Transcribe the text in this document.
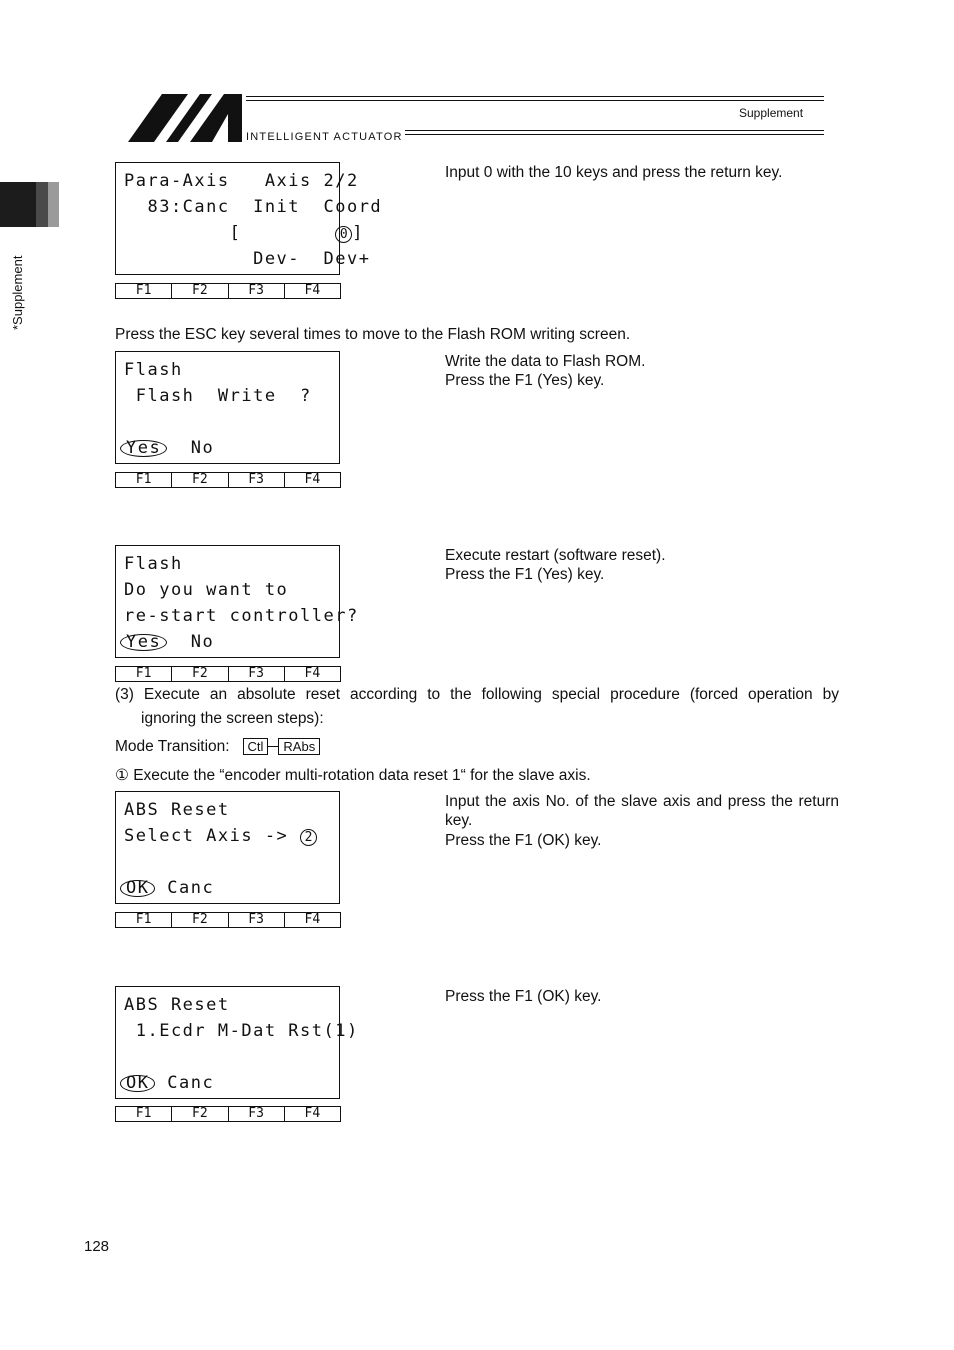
INTELLIGENT ACTUATOR
Supplement
*Supplement
Para-Axis   Axis 2/2
83:Canc  Init  Coord
[        0 ]
Dev-  Dev+
F1	F2	F3	F4
Input 0 with the 10 keys and press the return key.
Press the ESC key several times to move to the Flash ROM writing screen.
Flash
Flash  Write  ?
Yes No
F1	F2	F3	F4
Write the data to Flash ROM.
Press the F1 (Yes) key.
Flash
Do you want to
re-start controller?
Yes No
F1	F2	F3	F4
Execute restart (software reset).
Press the F1 (Yes) key.
(3) Execute an absolute reset according to the following special procedure (forced operation by
ignoring the screen steps):
Mode Transition: Ctl RAbs
① Execute the “encoder multi-rotation data reset 1“ for the slave axis.
ABS Reset
Select Axis -> 2
OK Canc
F1	F2	F3	F4
Input the axis No. of the slave axis and press the return key.
Press the F1 (OK) key.
ABS Reset
1.Ecdr M-Dat Rst(1)
OK Canc
F1	F2	F3	F4
Press the F1 (OK) key.
128
